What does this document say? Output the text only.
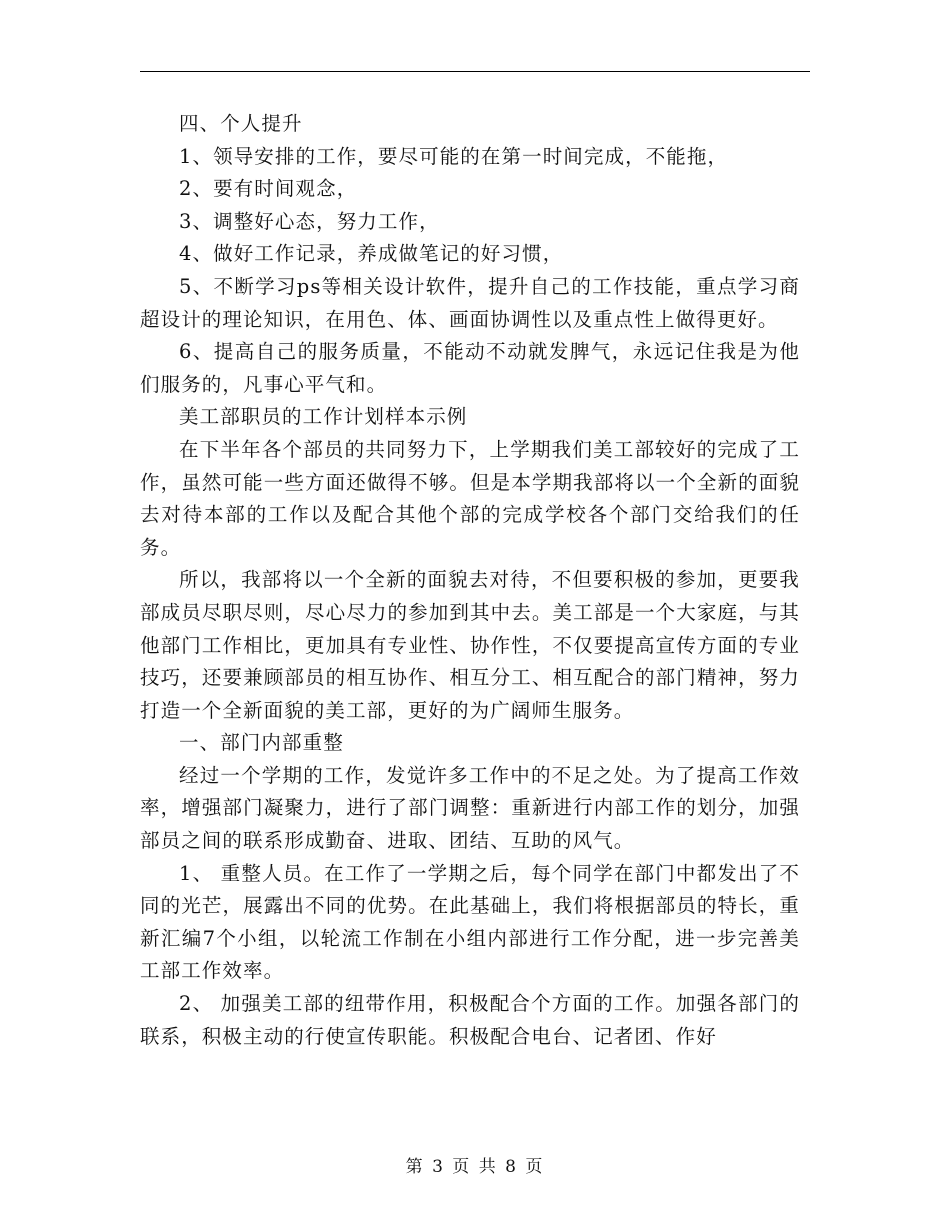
四、个人提升

1、领导安排的工作，要尽可能的在第一时间完成，不能拖，

2、要有时间观念，

3、调整好心态，努力工作，

4、做好工作记录，养成做笔记的好习惯，

5、不断学习ps等相关设计软件，提升自己的工作技能，重点学习商超设计的理论知识，在用色、体、画面协调性以及重点性上做得更好。

6、提高自己的服务质量，不能动不动就发脾气，永远记住我是为他们服务的，凡事心平气和。

美工部职员的工作计划样本示例

在下半年各个部员的共同努力下，上学期我们美工部较好的完成了工作，虽然可能一些方面还做得不够。但是本学期我部将以一个全新的面貌去对待本部的工作以及配合其他个部的完成学校各个部门交给我们的任务。

所以，我部将以一个全新的面貌去对待，不但要积极的参加，更要我部成员尽职尽则，尽心尽力的参加到其中去。美工部是一个大家庭，与其他部门工作相比，更加具有专业性、协作性，不仅要提高宣传方面的专业技巧，还要兼顾部员的相互协作、相互分工、相互配合的部门精神，努力打造一个全新面貌的美工部，更好的为广阔师生服务。

一、部门内部重整

经过一个学期的工作，发觉许多工作中的不足之处。为了提高工作效率，增强部门凝聚力，进行了部门调整：重新进行内部工作的划分，加强部员之间的联系形成勤奋、进取、团结、互助的风气。

1、 重整人员。在工作了一学期之后，每个同学在部门中都发出了不同的光芒，展露出不同的优势。在此基础上，我们将根据部员的特长，重新汇编7个小组，以轮流工作制在小组内部进行工作分配，进一步完善美工部工作效率。

2、 加强美工部的纽带作用，积极配合个方面的工作。加强各部门的联系，积极主动的行使宣传职能。积极配合电台、记者团、作好

第 3 页 共 8 页
